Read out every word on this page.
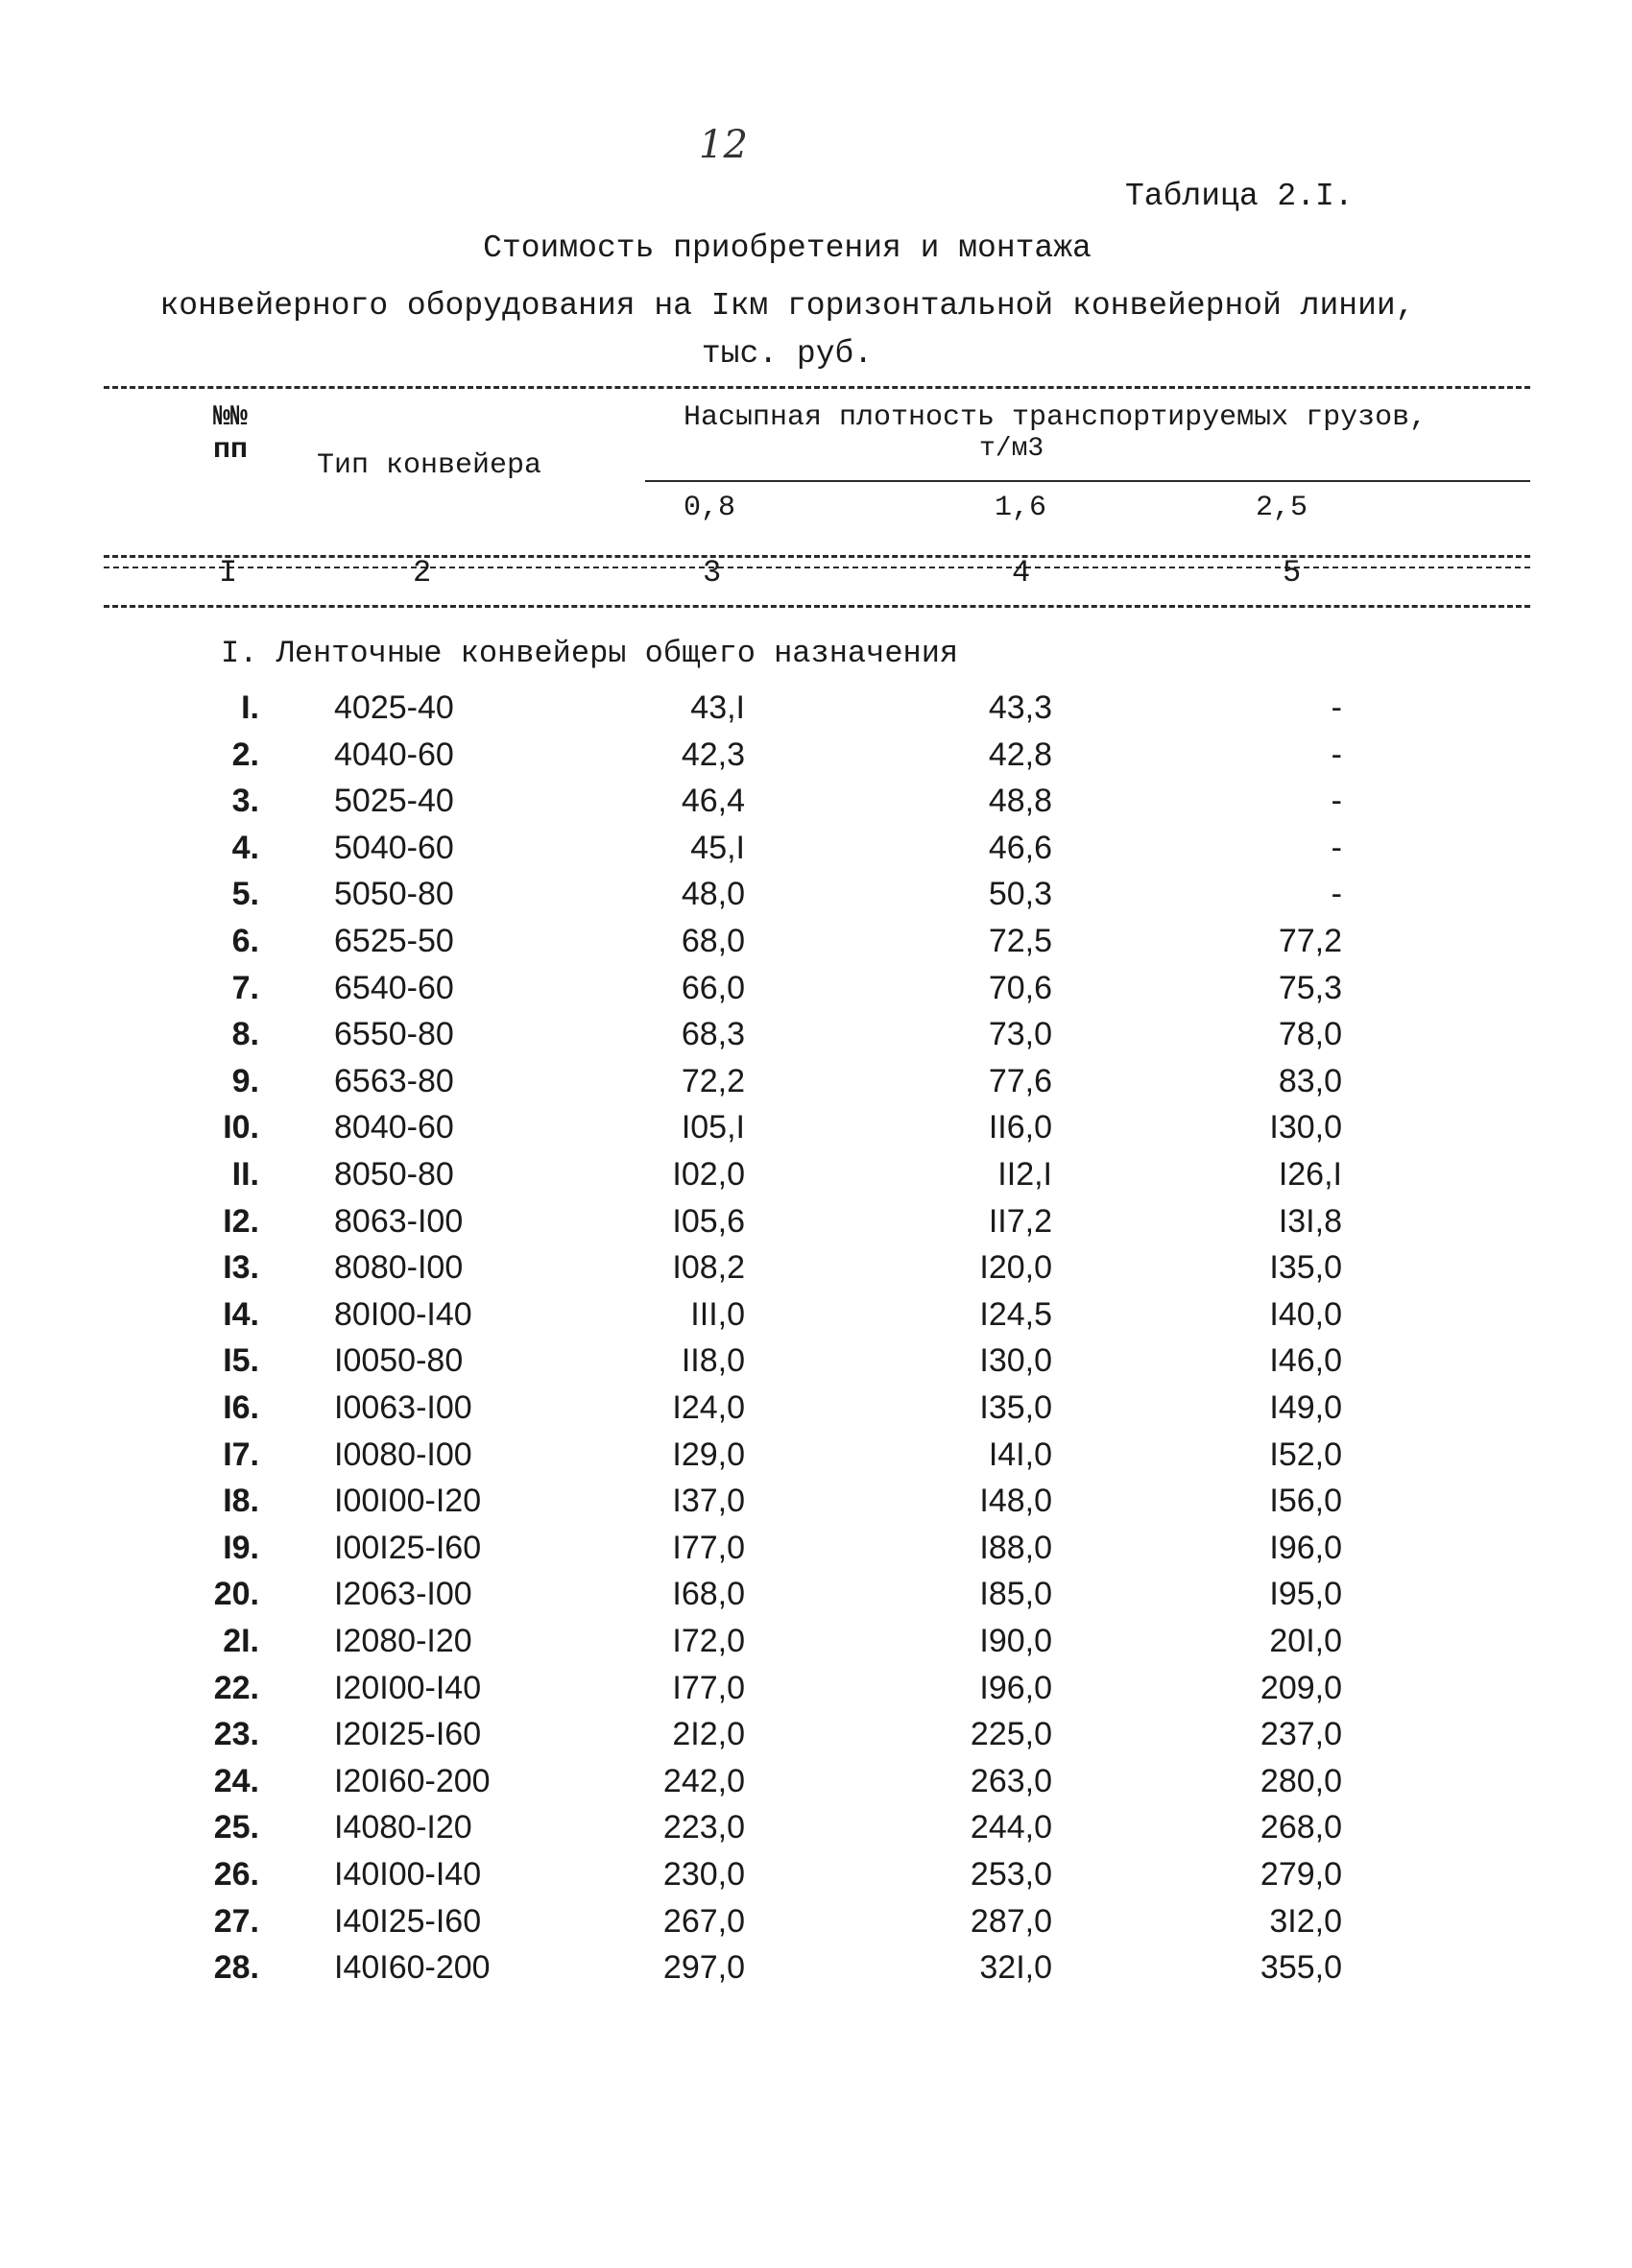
12
Таблица 2.I.
Стоимость приобретения и монтажа
конвейерного оборудования на Iкм горизонтальной конвейерной линии,
тыс. руб.
№№
пп Тип конвейера
Насыпная плотность транспортируемых грузов,
т/м3
0,8	1,6	2,5
I	2	3	4	5
I. Ленточные конвейеры общего назначения
I. 4025-40	43,I	43,3	-
2. 4040-60	42,3	42,8	-
3. 5025-40	46,4	48,8	-
4. 5040-60	45,I	46,6	-
5. 5050-80	48,0	50,3	-
6. 6525-50	68,0	72,5	77,2
7. 6540-60	66,0	70,6	75,3
8. 6550-80	68,3	73,0	78,0
9. 6563-80	72,2	77,6	83,0
I0. 8040-60	I05,I	II6,0	I30,0
II. 8050-80	I02,0	II2,I	I26,I
I2. 8063-I00	I05,6	II7,2	I3I,8
I3. 8080-I00	I08,2	I20,0	I35,0
I4. 80I00-I40	III,0	I24,5	I40,0
I5. I0050-80	II8,0	I30,0	I46,0
I6. I0063-I00	I24,0	I35,0	I49,0
I7. I0080-I00	I29,0	I4I,0	I52,0
I8. I00I00-I20	I37,0	I48,0	I56,0
I9. I00I25-I60	I77,0	I88,0	I96,0
20. I2063-I00	I68,0	I85,0	I95,0
2I. I2080-I20	I72,0	I90,0	20I,0
22. I20I00-I40	I77,0	I96,0	209,0
23. I20I25-I60	2I2,0	225,0	237,0
24. I20I60-200	242,0	263,0	280,0
25. I4080-I20	223,0	244,0	268,0
26. I40I00-I40	230,0	253,0	279,0
27. I40I25-I60	267,0	287,0	3I2,0
28. I40I60-200	297,0	32I,0	355,0
